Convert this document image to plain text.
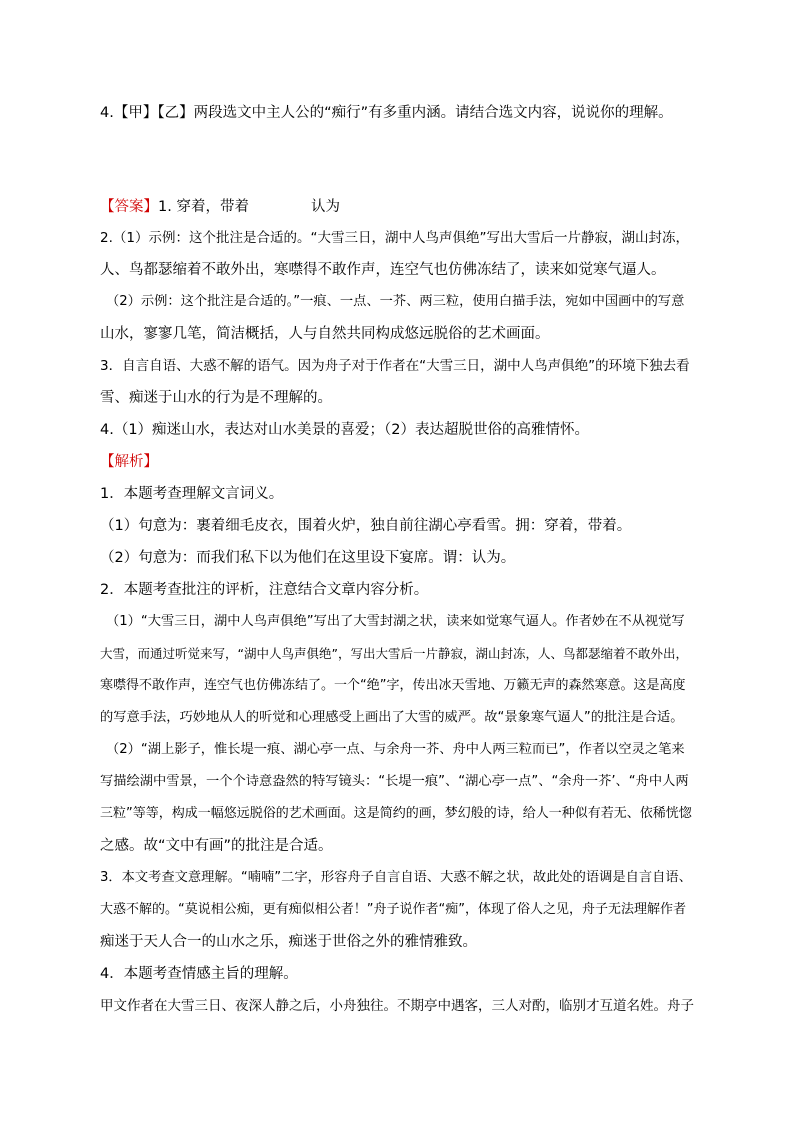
4.【甲】【乙】两段选文中主人公的“痴行”有多重内涵。请结合选文内容，说说你的理解。
【答案】1. 穿着，带着	认为
2.（1）示例：这个批注是合适的。“大雪三日，湖中人鸟声俱绝”写出大雪后一片静寂，湖山封冻，
人、鸟都瑟缩着不敢外出，寒噤得不敢作声，连空气也仿佛冻结了，读来如觉寒气逼人。
（2）示例：这个批注是合适的。”一痕、一点、一芥、两三粒，使用白描手法，宛如中国画中的写意
山水，寥寥几笔，简洁概括，人与自然共同构成悠远脱俗的艺术画面。
3．自言自语、大惑不解的语气。因为舟子对于作者在“大雪三日，湖中人鸟声俱绝”的环境下独去看
雪、痴迷于山水的行为是不理解的。
4.（1）痴迷山水，表达对山水美景的喜爱；（2）表达超脱世俗的高雅情怀。
【解析】
1．本题考查理解文言词义。
（1）句意为：裹着细毛皮衣，围着火炉，独自前往湖心亭看雪。拥：穿着，带着。
（2）句意为：而我们私下以为他们在这里设下宴席。谓：认为。
2．本题考查批注的评析，注意结合文章内容分析。
（1）“大雪三日，湖中人鸟声俱绝”写出了大雪封湖之状，读来如觉寒气逼人。作者妙在不从视觉写
大雪，而通过听觉来写，“湖中人鸟声俱绝”，写出大雪后一片静寂，湖山封冻，人、鸟都瑟缩着不敢外出，
寒噤得不敢作声，连空气也仿佛冻结了。一个“绝”字，传出冰天雪地、万籁无声的森然寒意。这是高度
的写意手法，巧妙地从人的听觉和心理感受上画出了大雪的威严。故“景象寒气逼人”的批注是合适。
（2）“湖上影子，惟长堤一痕、湖心亭一点、与余舟一芥、舟中人两三粒而已”，作者以空灵之笔来
写描绘湖中雪景，一个个诗意盎然的特写镜头：“长堤一痕”、“湖心亭一点”、“余舟一芥’、“舟中人两
三粒”等等，构成一幅悠远脱俗的艺术画面。这是简约的画，梦幻般的诗，给人一种似有若无、依稀恍惚
之感。故“文中有画”的批注是合适。
3．本文考查文意理解。“喃喃”二字，形容舟子自言自语、大惑不解之状，故此处的语调是自言自语、
大惑不解的。“莫说相公痴，更有痴似相公者！”舟子说作者“痴”，体现了俗人之见，舟子无法理解作者
痴迷于天人合一的山水之乐，痴迷于世俗之外的雅情雅致。
4．本题考查情感主旨的理解。
甲文作者在大雪三日、夜深人静之后，小舟独往。不期亭中遇客，三人对酌，临别才互道名姓。舟子
